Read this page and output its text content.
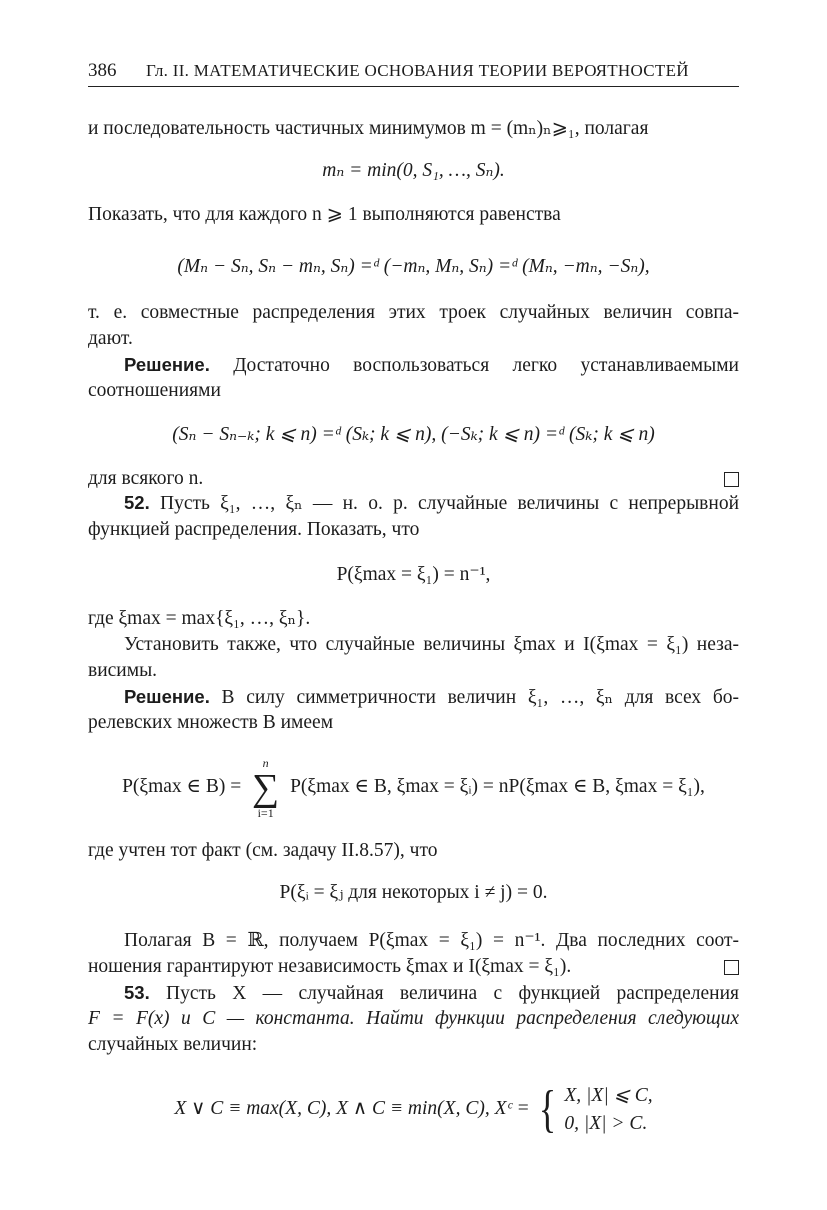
386 Гл. II. МАТЕМАТИЧЕСКИЕ ОСНОВАНИЯ ТЕОРИИ ВЕРОЯТНОСТЕЙ
и последовательность частичных минимумов m = (mₙ)ₙ⩾₁, полагая
mₙ = min(0, S₁, …, Sₙ).
Показать, что для каждого n ⩾ 1 выполняются равенства
(Mₙ − Sₙ, Sₙ − mₙ, Sₙ) =ᵈ (−mₙ, Mₙ, Sₙ) =ᵈ (Mₙ, −mₙ, −Sₙ),
т. е. совместные распределения этих троек случайных величин совпа-
дают.
Решение. Достаточно воспользоваться легко устанавливаемыми
соотношениями
(Sₙ − Sₙ₋ₖ; k ⩽ n) =ᵈ (Sₖ; k ⩽ n), (−Sₖ; k ⩽ n) =ᵈ (Sₖ; k ⩽ n)
для всякого n.
52. Пусть ξ₁, …, ξₙ — н. о. р. случайные величины с непрерывной
функцией распределения. Показать, что
P(ξmax = ξ₁) = n⁻¹,
где ξmax = max{ξ₁, …, ξₙ}.
Установить также, что случайные величины ξmax и I(ξmax = ξ₁) неза-
висимы.
Решение. В силу симметричности величин ξ₁, …, ξₙ для всех бо-
релевских множеств B имеем
P(ξmax ∈ B) =
n
∑
i=1
P(ξmax ∈ B, ξmax = ξᵢ) = nP(ξmax ∈ B, ξmax = ξ₁),
где учтен тот факт (см. задачу II.8.57), что
P(ξᵢ = ξⱼ для некоторых i ≠ j) = 0.
Полагая B = ℝ, получаем P(ξmax = ξ₁) = n⁻¹. Два последних соот-
ношения гарантируют независимость ξmax и I(ξmax = ξ₁).
53. Пусть X — случайная величина с функцией распределения
F = F(x) и C — константа. Найти функции распределения следующих
случайных величин:
X ∨ C ≡ max(X, C), X ∧ C ≡ min(X, C), Xᶜ = { X, |X| ⩽ C,
0, |X| > C.
